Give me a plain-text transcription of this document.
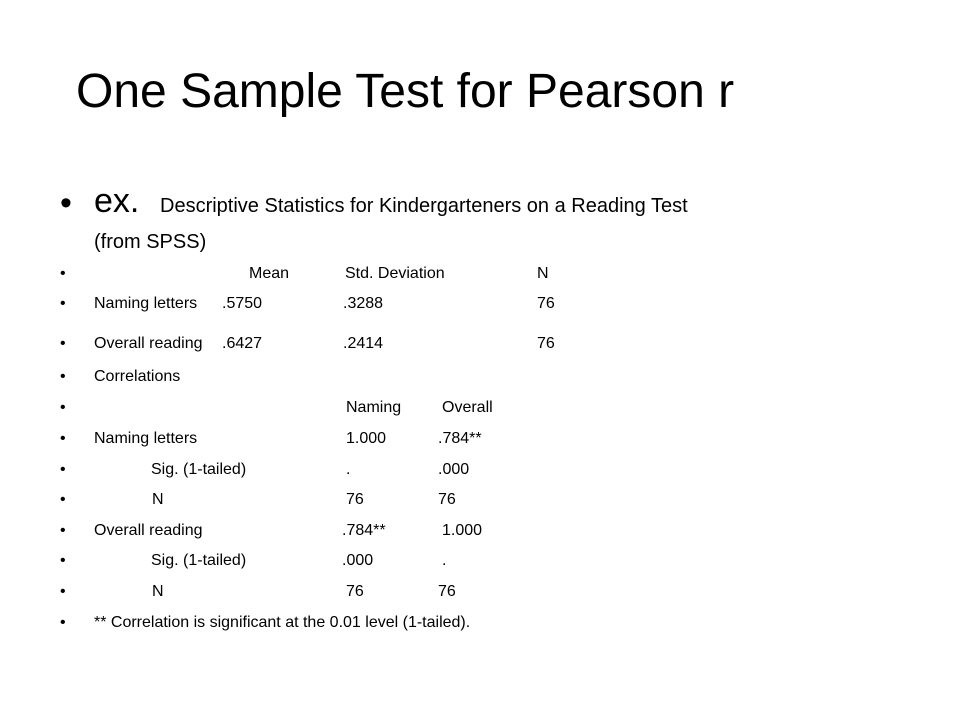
One Sample Test for Pearson r
• ex. Descriptive Statistics for Kindergarteners on a Reading Test
(from SPSS)
•	Mean	Std. Deviation	N
• Naming letters .5750	.3288	76
• Overall reading .6427	.2414	76
• Correlations
•	Naming	Overall
• Naming letters	1.000	.784**
•	Sig. (1-tailed)	.	.000
•	N	76	76
• Overall reading	.784**	1.000
•	Sig. (1-tailed)	.000	.
•	N	76	76
• ** Correlation is significant at the 0.01 level (1-tailed).
